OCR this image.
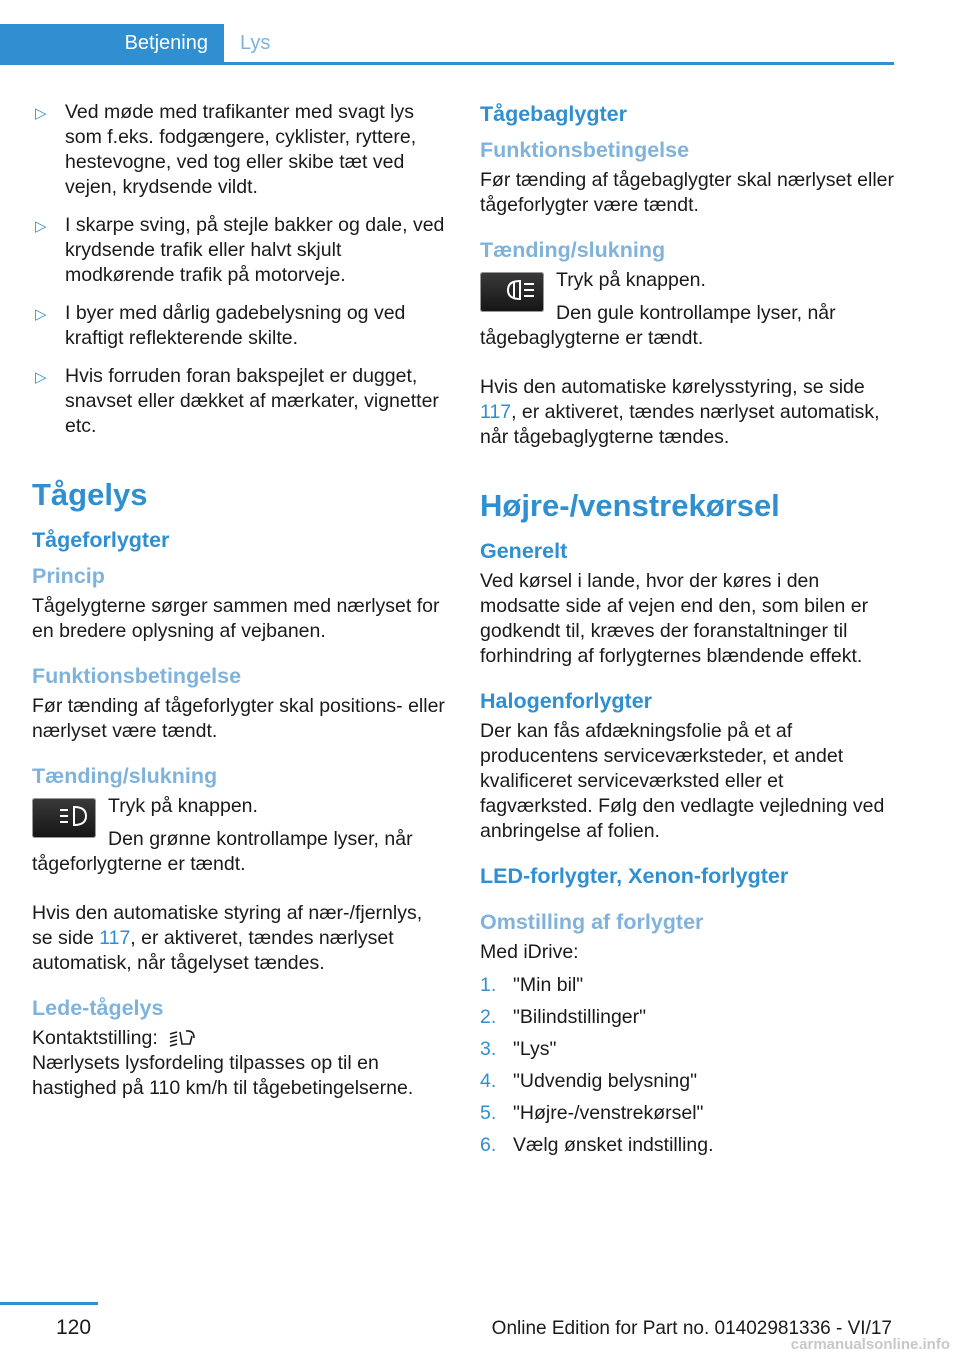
Betjening	Lys
▷ Ved møde med trafikanter med svagt lys som f.eks. fodgængere, cyklister, ryttere, hestevogne, ved tog eller skibe tæt ved vejen, krydsende vildt.
▷ I skarpe sving, på stejle bakker og dale, ved krydsende trafik eller halvt skjult modkørende trafik på motorveje.
▷ I byer med dårlig gadebelysning og ved kraftigt reflekterende skilte.
▷ Hvis forruden foran bakspejlet er dugget, snavset eller dækket af mærkater, vignetter etc.
Tågelys
Tågeforlygter
Princip

Tågelygterne sørger sammen med nærlyset for en bredere oplysning af vejbanen.

Funktionsbetingelse

Før tænding af tågeforlygter skal positions- eller nærlyset være tændt.

Tænding/slukning

Tryk på knappen.

Den grønne kontrollampe lyser, når tågeforlygterne er tændt.

Hvis den automatiske styring af nær-/fjernlys, se side 117, er aktiveret, tændes nærlyset automatisk, når tågelyset tændes.

Lede-tågelys

Kontaktstilling:

Nærlysets lysfordeling tilpasses op til en hastighed på 110 km/h til tågebetingelserne.

Tågebaglygter
Funktionsbetingelse

Før tænding af tågebaglygter skal nærlyset eller tågeforlygter være tændt.

Tænding/slukning

Tryk på knappen.

Den gule kontrollampe lyser, når tågebaglygterne er tændt.

Hvis den automatiske kørelysstyring, se side 117, er aktiveret, tændes nærlyset automatisk, når tågebaglygterne tændes.

Højre-/venstrekørsel
Generelt

Ved kørsel i lande, hvor der køres i den modsatte side af vejen end den, som bilen er godkendt til, kræves der foranstaltninger til forhindring af forlygternes blændende effekt.

Halogenforlygter

Der kan fås afdækningsfolie på et af producentens serviceværksteder, et andet kvalificeret serviceværksted eller et fagværksted. Følg den vedlagte vejledning ved anbringelse af folien.

LED-forlygter, Xenon-forlygter
Omstilling af forlygter

Med iDrive:

1. "Min bil"
2. "Bilindstillinger"
3. "Lys"
4. "Udvendig belysning"
5. "Højre-/venstrekørsel"
6. Vælg ønsket indstilling.
120	Online Edition for Part no. 01402981336 - VI/17
carmanualsonline.info
